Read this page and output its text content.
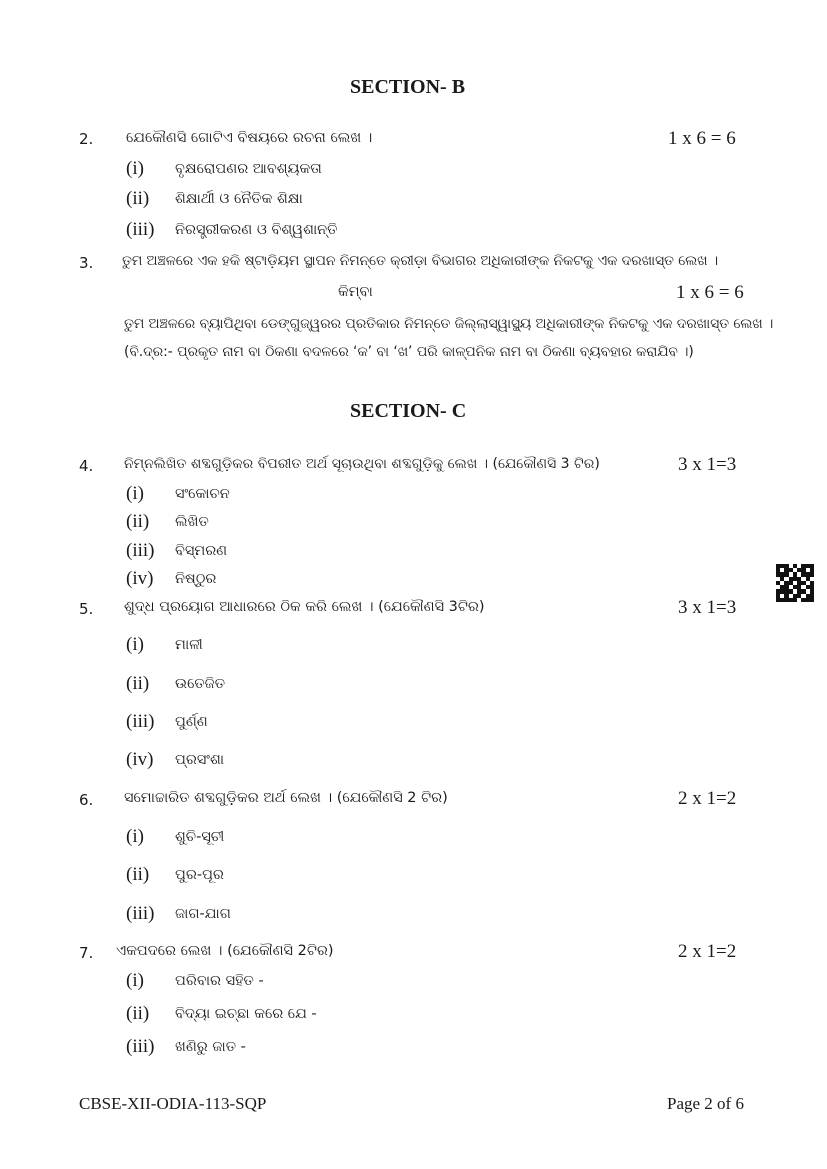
SECTION- B
2. ଯେକୌଣସି ଗୋଟିଏ ବିଷୟରେ ରଚନା ଲେଖ ।	1 x 6 = 6
(i) ବୃକ୍ଷରୋପଣର ଆବଶ୍ୟକତା
(ii) ଶିକ୍ଷାର୍ଥୀ ଓ ନୈତିକ ଶିକ୍ଷା
(iii) ନିରସ୍ତ୍ରୀକରଣ ଓ ବିଶ୍ୱଶାନ୍ତି
3. ତୁମ ଅଞ୍ଚଳରେ ଏକ ହକି ଷ୍ଟାଡ଼ିୟମ ସ୍ଥାପନ ନିମନ୍ତେ କ୍ରୀଡ଼ା ବିଭାଗର ଅଧିକାରୀଙ୍କ ନିକଟକୁ ଏକ ଦରଖାସ୍ତ ଲେଖ ।
କିମ୍ବା	1 x 6 = 6
ତୁମ ଅଞ୍ଚଳରେ ବ୍ୟାପିଥିବା ଡେଙ୍ଗୁଜ୍ୱରର ପ୍ରତିକାର ନିମନ୍ତେ ଜିଲ୍ଲାସ୍ୱାସ୍ଥ୍ୟ ଅଧିକାରୀଙ୍କ ନିକଟକୁ ଏକ ଦରଖାସ୍ତ ଲେଖ ।
(ବି.ଦ୍ର:- ପ୍ରକୃତ ନାମ ବା ଠିକଣା ବଦଳରେ ‘କ’ ବା ‘ଖ’ ପରି କାଳ୍ପନିକ ନାମ ବା ଠିକଣା ବ୍ୟବହାର କରାଯିବ ।)
SECTION- C
4. ନିମ୍ନଲିଖିତ ଶବ୍ଦଗୁଡ଼ିକର ବିପରୀତ ଅର୍ଥ ସୂଚାଉଥିବା ଶବ୍ଦଗୁଡ଼ିକୁ ଲେଖ । (ଯେକୌଣସି 3 ଟିର)	3 x 1=3
(i) ସଂକୋଚନ
(ii) ଲିଖିତ
(iii) ବିସ୍ମରଣ
(iv) ନିଷ୍ଠୁର
5. ଶୁଦ୍ଧ ପ୍ରୟୋଗ ଆଧାରରେ ଠିକ କରି ଲେଖ । (ଯେକୌଣସି 3ଟିର)	3 x 1=3
(i) ମାଳୀ
(ii) ଉତେଜିତ
(iii) ପୁର୍ଣ୍ଣ
(iv) ପ୍ରସଂଶା
6. ସମୋଚ୍ଚାରିତ ଶବ୍ଦଗୁଡ଼ିକର ଅର୍ଥ ଲେଖ । (ଯେକୌଣସି 2 ଟିର)	2 x 1=2
(i) ଶୁଚି-ସୂଚୀ
(ii) ପୁର-ପୂର
(iii) ଜାଗ-ଯାଗ
7. ଏକପଦରେ ଲେଖ । (ଯେକୌଣସି 2ଟିର)	2 x 1=2
(i) ପରିବାର ସହିତ -
(ii) ବିଦ୍ୟା ଇଚ୍ଛା କରେ ଯେ -
(iii) ଖଣିରୁ ଜାତ -
CBSE-XII-ODIA-113-SQP	Page 2 of 6
